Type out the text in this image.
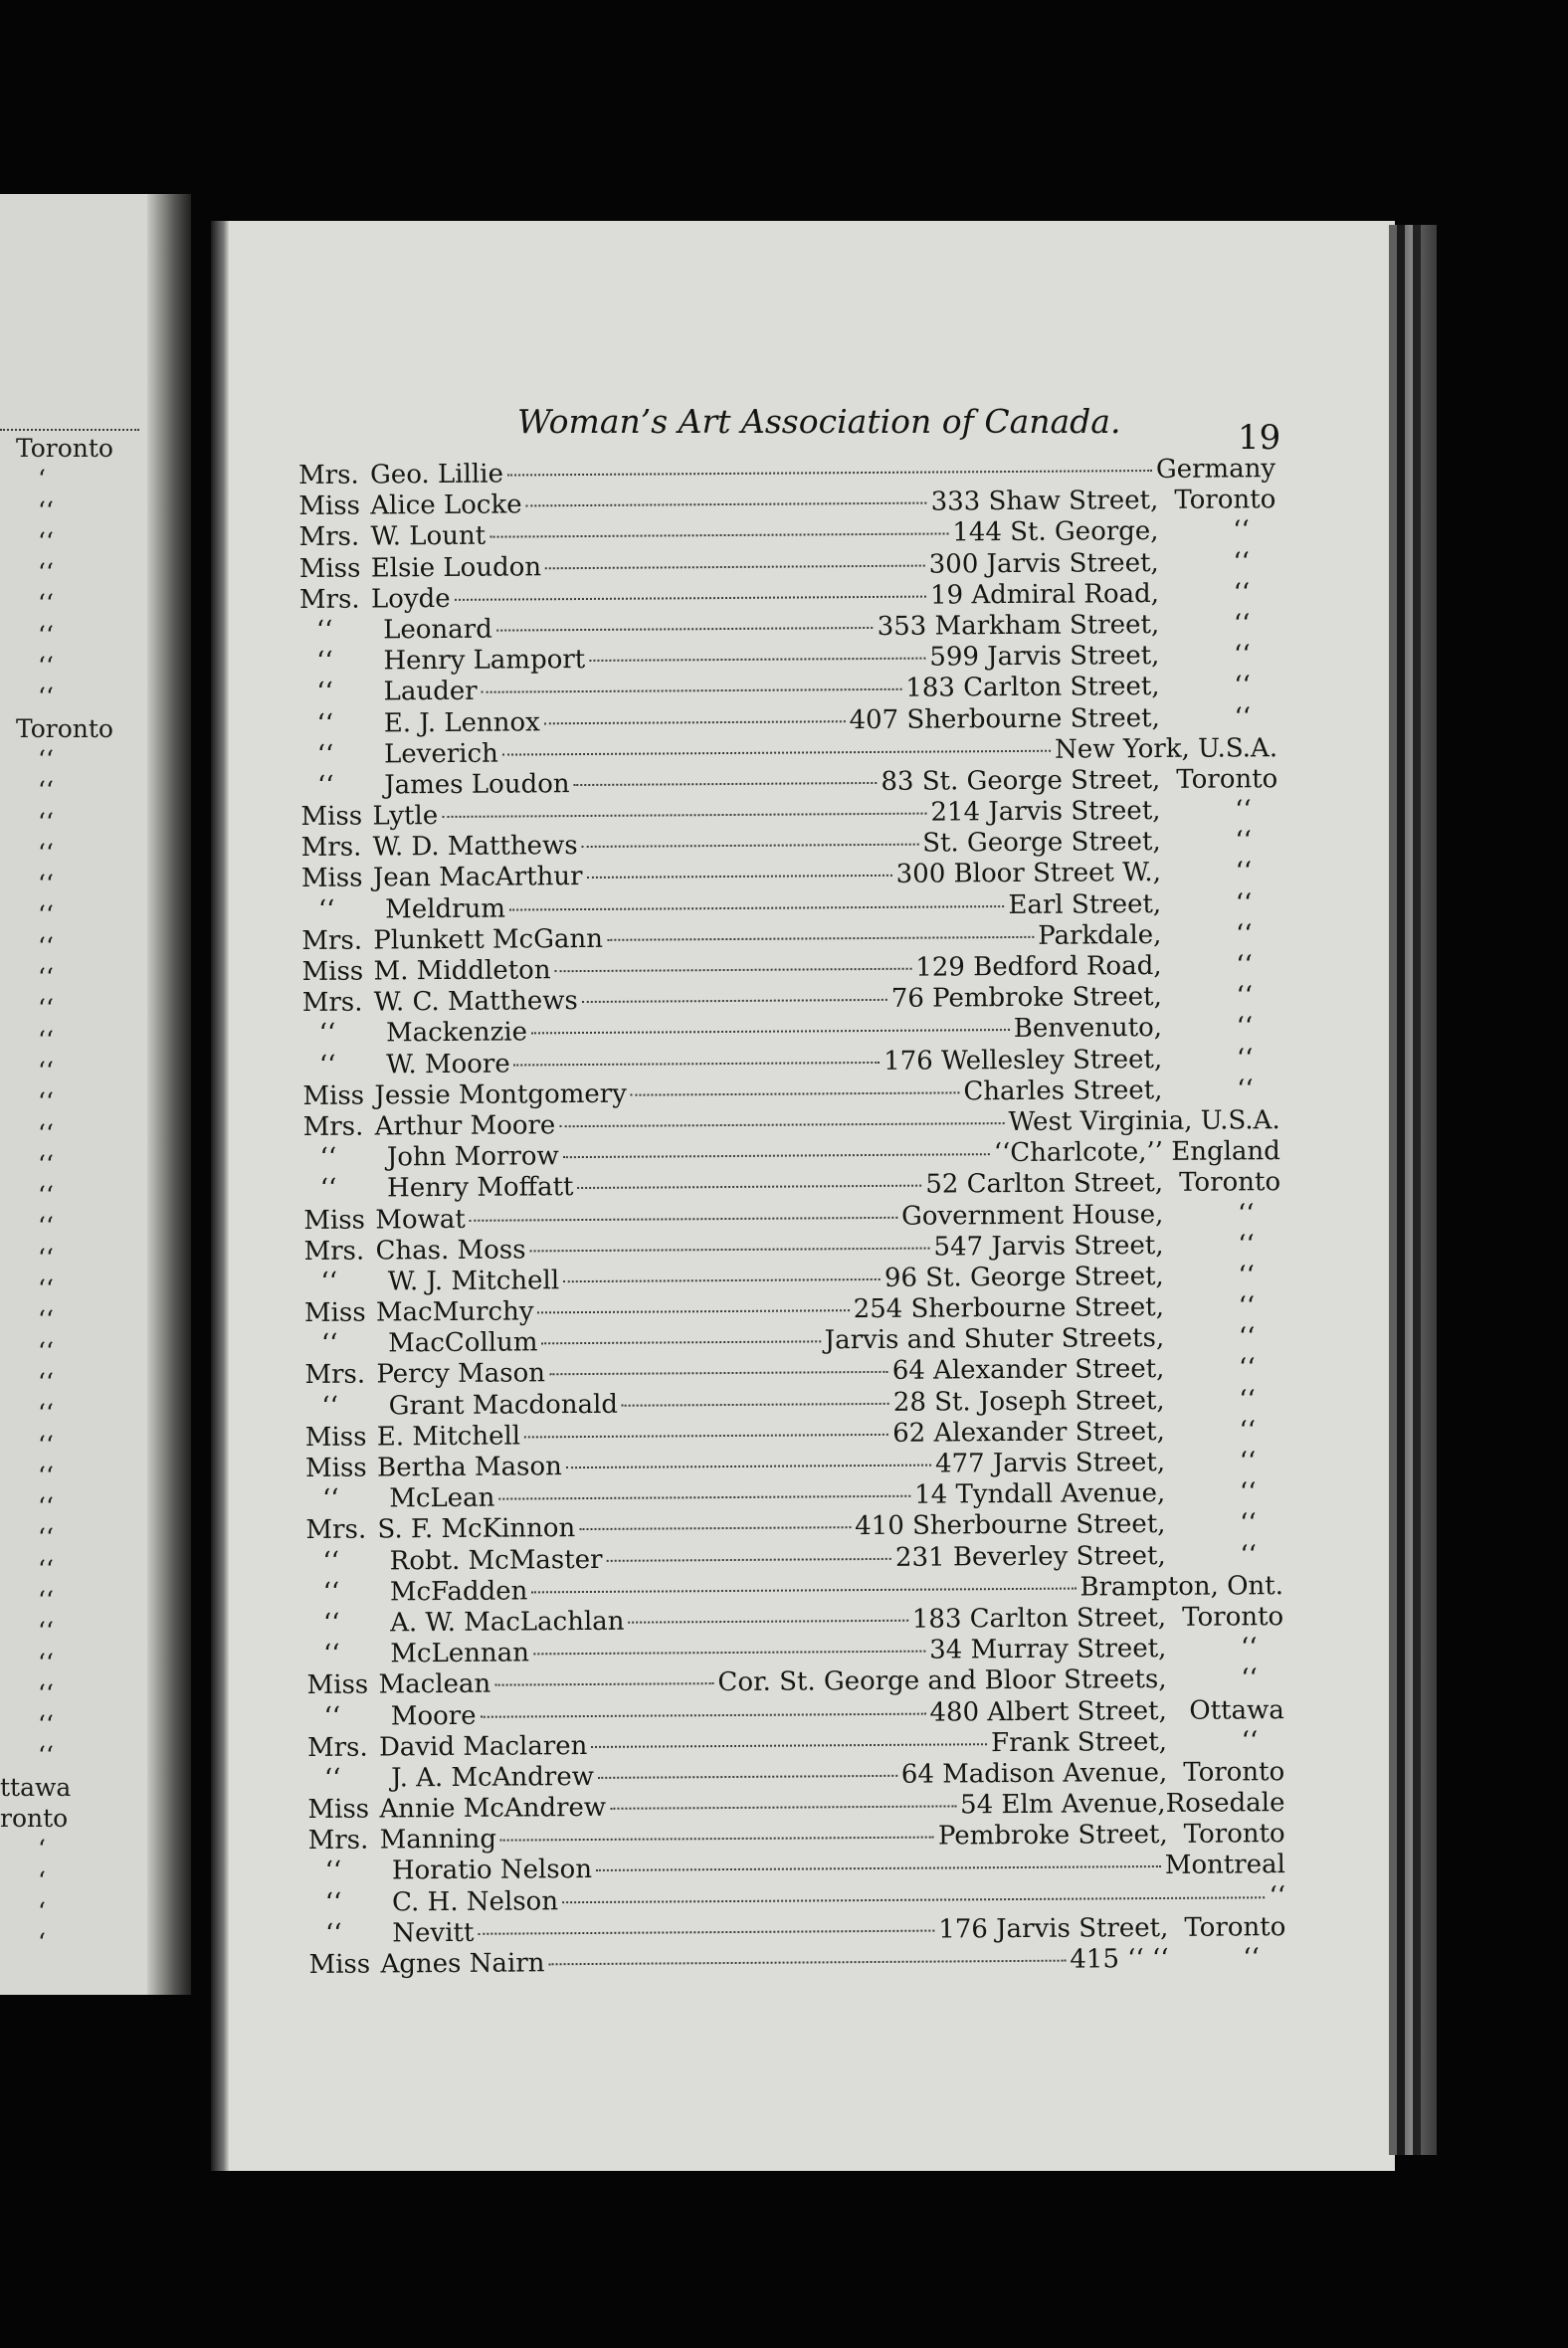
Toronto
‘
‘‘
‘‘
‘‘
‘‘
‘‘
‘‘
‘‘
Toronto
‘‘
‘‘
‘‘
‘‘
‘‘
‘‘
‘‘
‘‘
‘‘
‘‘
‘‘
‘‘
‘‘
‘‘
‘‘
‘‘
‘‘
‘‘
‘‘
‘‘
‘‘
‘‘
‘‘
‘‘
‘‘
‘‘
‘‘
‘‘
‘‘
‘‘
‘‘
‘‘
‘‘
ttawa
ronto
‘
‘
‘
‘
Woman’s Art Association of Canada.	19
Mrs. Geo. Lillie	Germany
Miss Alice Locke	333 Shaw Street, Toronto
Mrs. W. Lount	144 St. George,	‘‘
Miss Elsie Loudon	300 Jarvis Street,	‘‘
Mrs. Loyde	19 Admiral Road,	‘‘
‘‘	Leonard	353 Markham Street,	‘‘
‘‘	Henry Lamport	599 Jarvis Street,	‘‘
‘‘	Lauder	183 Carlton Street,	‘‘
‘‘	E. J. Lennox	407 Sherbourne Street,	‘‘
‘‘	Leverich	New York, U.S.A.
‘‘	James Loudon	83 St. George Street, Toronto
Miss Lytle	214 Jarvis Street,	‘‘
Mrs. W. D. Matthews	St. George Street,	‘‘
Miss Jean MacArthur	300 Bloor Street W.,	‘‘
‘‘	Meldrum	Earl Street,	‘‘
Mrs. Plunkett McGann	Parkdale,	‘‘
Miss M. Middleton	129 Bedford Road,	‘‘
Mrs. W. C. Matthews	76 Pembroke Street,	‘‘
‘‘	Mackenzie	Benvenuto,	‘‘
‘‘	W. Moore	176 Wellesley Street,	‘‘
Miss Jessie Montgomery	Charles Street,	‘‘
Mrs. Arthur Moore	West Virginia, U.S.A.
‘‘	John Morrow	‘‘Charlcote,’’ England
‘‘	Henry Moffatt	52 Carlton Street, Toronto
Miss Mowat	Government House,	‘‘
Mrs. Chas. Moss	547 Jarvis Street,	‘‘
‘‘	W. J. Mitchell	96 St. George Street,	‘‘
Miss MacMurchy	254 Sherbourne Street,	‘‘
‘‘	MacCollum	Jarvis and Shuter Streets,	‘‘
Mrs. Percy Mason	64 Alexander Street,	‘‘
‘‘	Grant Macdonald	28 St. Joseph Street,	‘‘
Miss E. Mitchell	62 Alexander Street,	‘‘
Miss Bertha Mason	477 Jarvis Street,	‘‘
‘‘	McLean	14 Tyndall Avenue,	‘‘
Mrs. S. F. McKinnon	410 Sherbourne Street,	‘‘
‘‘	Robt. McMaster	231 Beverley Street,	‘‘
‘‘	McFadden	Brampton, Ont.
‘‘	A. W. MacLachlan	183 Carlton Street, Toronto
‘‘	McLennan	34 Murray Street,	‘‘
Miss Maclean	Cor. St. George and Bloor Streets,	‘‘
‘‘	Moore	480 Albert Street, Ottawa
Mrs. David Maclaren	Frank Street,	‘‘
‘‘	J. A. McAndrew	64 Madison Avenue, Toronto
Miss Annie McAndrew	54 Elm Avenue, Rosedale
Mrs. Manning	Pembroke Street, Toronto
‘‘	Horatio Nelson	Montreal
‘‘	C. H. Nelson	‘‘
‘‘	Nevitt	176 Jarvis Street, Toronto
Miss Agnes Nairn	415 ‘‘ ‘‘	‘‘
